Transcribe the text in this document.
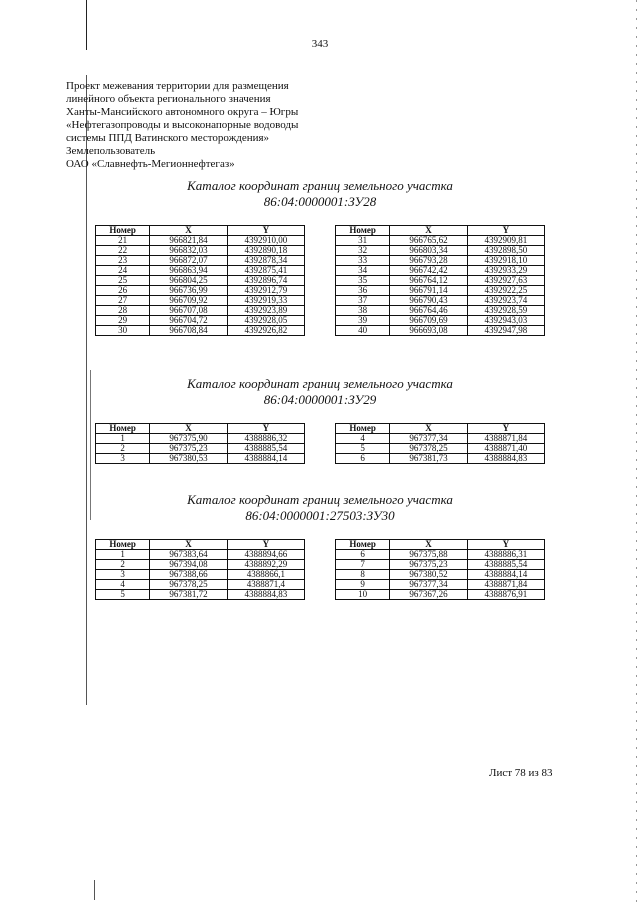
343
Проект межевания территории для размещения
линейного объекта регионального значения
Ханты-Мансийского автономного округа – Югры
«Нефтегазопроводы и высоконапорные водоводы
системы ППД Ватинского месторождения»
Землепользователь
ОАО «Славнефть-Мегионнефтегаз»
Каталог координат границ земельного участка
86:04:0000001:ЗУ28
Номер	X	Y
21	966821,84	4392910,00
22	966832,03	4392890,18
23	966872,07	4392878,34
24	966863,94	4392875,41
25	966804,25	4392896,74
26	966736,99	4392912,79
27	966709,92	4392919,33
28	966707,08	4392923,89
29	966704,72	4392928,05
30	966708,84	4392926,82
Номер	X	Y
31	966765,62	4392909,81
32	966803,34	4392898,50
33	966793,28	4392918,10
34	966742,42	4392933,29
35	966764,12	4392927,63
36	966791,14	4392922,25
37	966790,43	4392923,74
38	966764,46	4392928,59
39	966709,69	4392943,03
40	966693,08	4392947,98
Каталог координат границ земельного участка
86:04:0000001:ЗУ29
Номер	X	Y
1	967375,90	4388886,32
2	967375,23	4388885,54
3	967380,53	4388884,14
Номер	X	Y
4	967377,34	4388871,84
5	967378,25	4388871,40
6	967381,73	4388884,83
Каталог координат границ земельного участка
86:04:0000001:27503:ЗУ30
Номер	X	Y
1	967383,64	4388894,66
2	967394,08	4388892,29
3	967388,66	4388866,1
4	967378,25	4388871,4
5	967381,72	4388884,83
Номер	X	Y
6	967375,88	4388886,31
7	967375,23	4388885,54
8	967380,52	4388884,14
9	967377,34	4388871,84
10	967367,26	4388876,91
Лист 78 из 83
